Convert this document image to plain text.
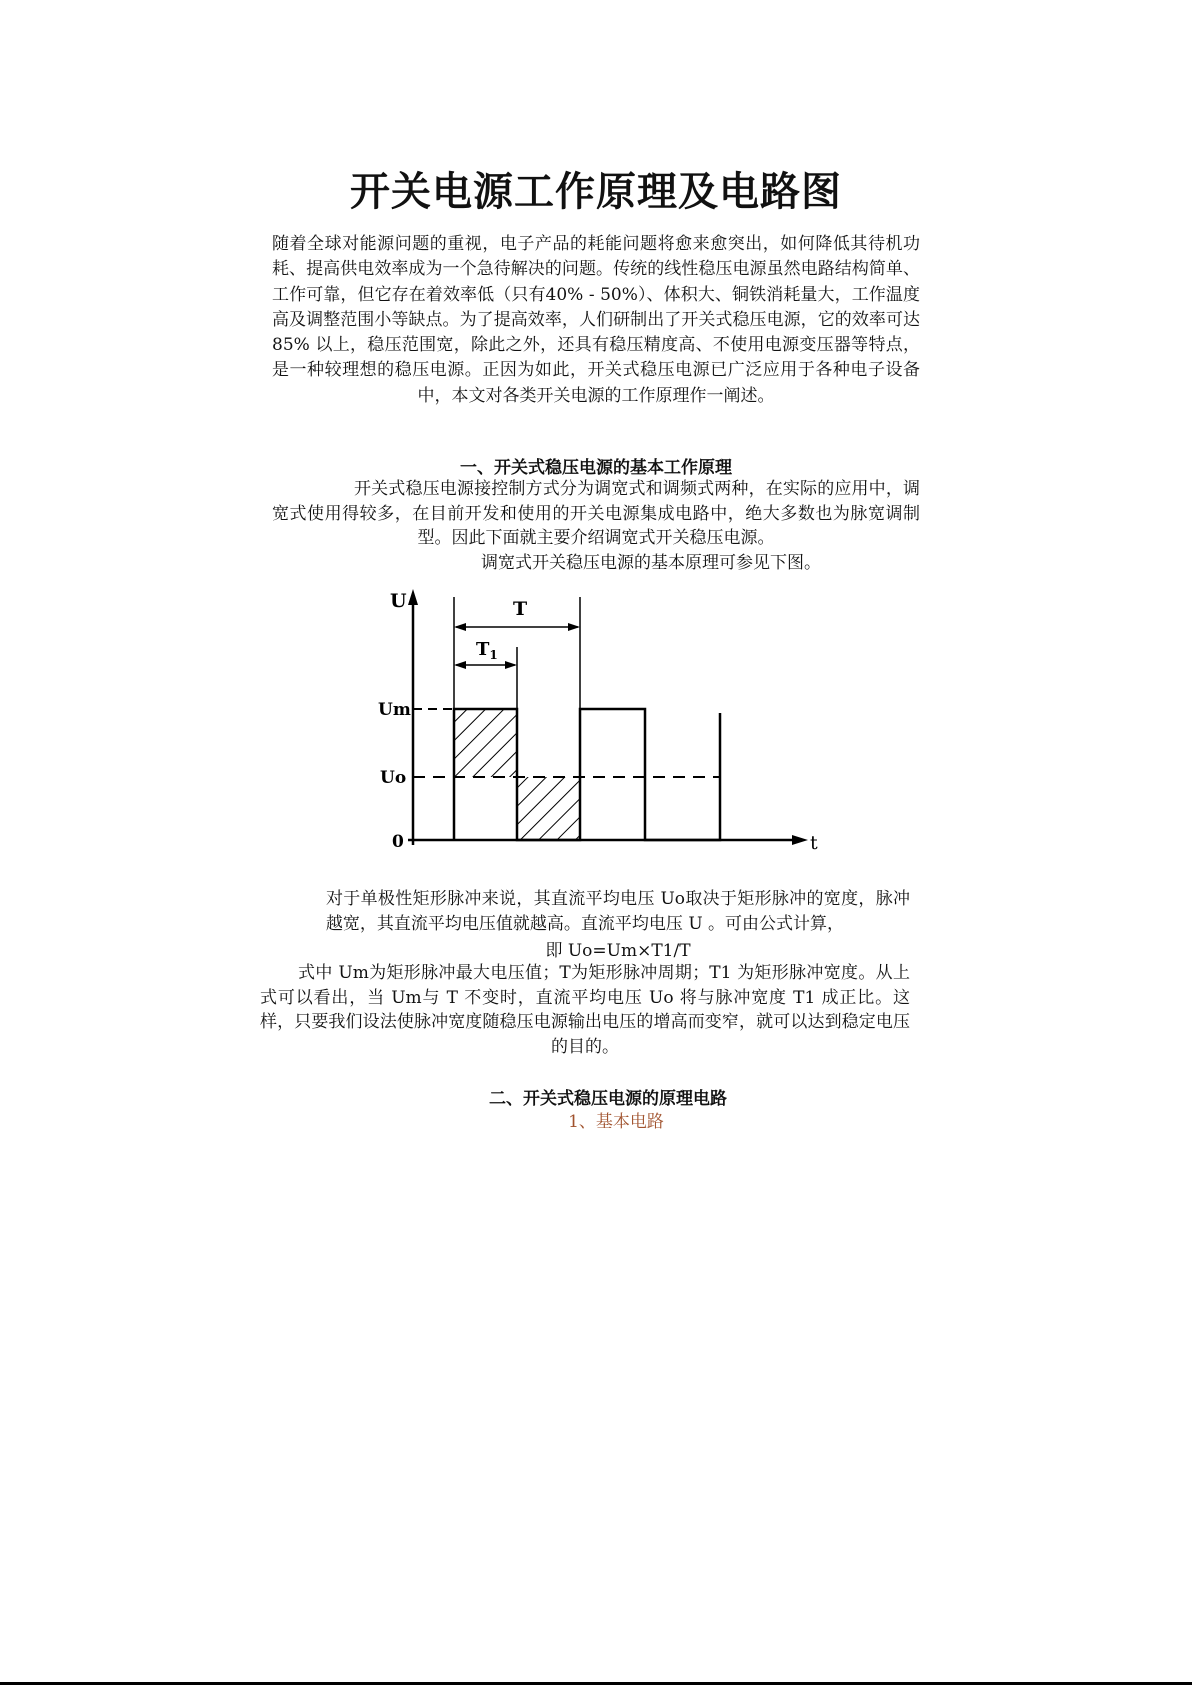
开关电源工作原理及电路图
随着全球对能源问题的重视，电子产品的耗能问题将愈来愈突出，如何降低其待机功耗、提高供电效率成为一个急待解决的问题。传统的线性稳压电源虽然电路结构简单、工作可靠，但它存在着效率低（只有40% - 50%）、体积大、铜铁消耗量大，工作温度高及调整范围小等缺点。为了提高效率，人们研制出了开关式稳压电源，它的效率可达 85% 以上，稳压范围宽，除此之外，还具有稳压精度高、不使用电源变压器等特点，是一种较理想的稳压电源。正因为如此，开关式稳压电源已广泛应用于各种电子设备中，本文对各类开关电源的工作原理作一阐述。
一、开关式稳压电源的基本工作原理
开关式稳压电源接控制方式分为调宽式和调频式两种，在实际的应用中，调宽式使用得较多，在目前开发和使用的开关电源集成电路中，绝大多数也为脉宽调制型。因此下面就主要介绍调宽式开关稳压电源。
调宽式开关稳压电源的基本原理可参见下图。
U
t
T
$T_1$
Um
Uo
0
对于单极性矩形脉冲来说，其直流平均电压 Uo取决于矩形脉冲的宽度，脉冲越宽，其直流平均电压值就越高。直流平均电压 U 。可由公式计算，
即 Uo=Um×T1/T
式中 Um为矩形脉冲最大电压值；T为矩形脉冲周期；T1 为矩形脉冲宽度。从上式可以看出，当 Um与 T 不变时，直流平均电压 Uo 将与脉冲宽度 T1 成正比。这样，只要我们设法使脉冲宽度随稳压电源输出电压的增高而变窄，就可以达到稳定电压的目的。
二、开关式稳压电源的原理电路
1、基本电路
